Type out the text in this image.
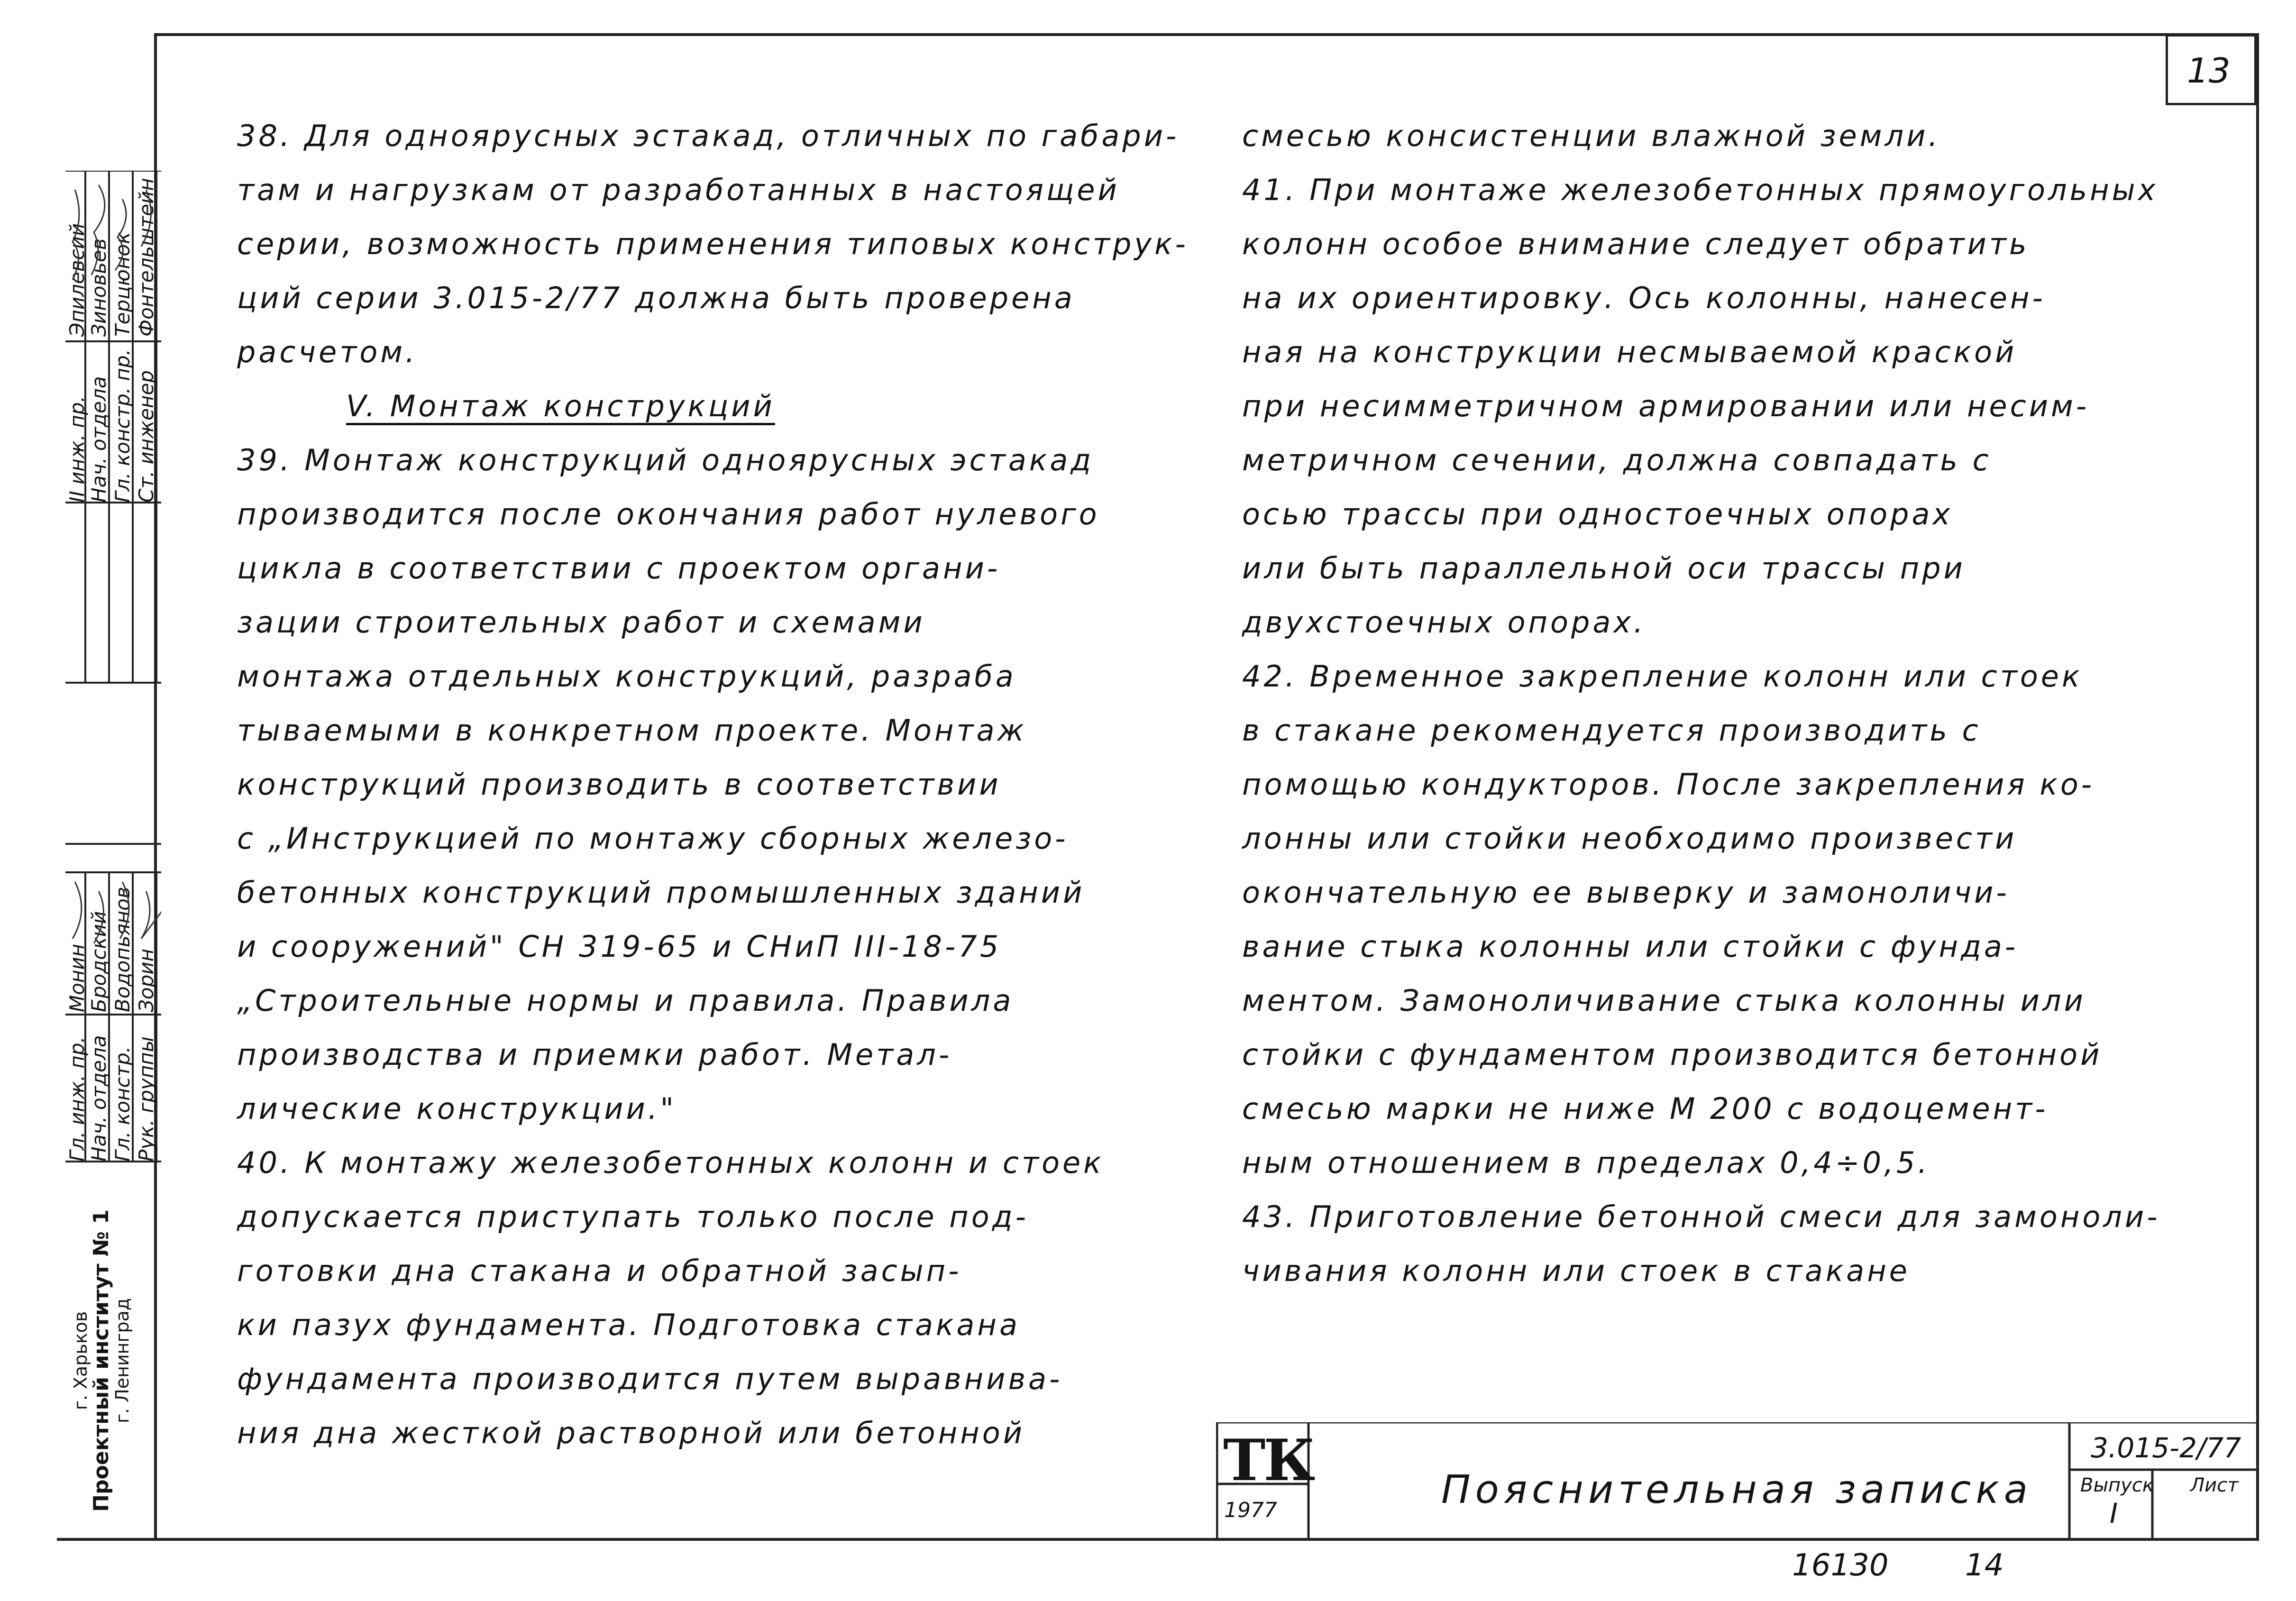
13

38. Для одноярусных эстакад, отличных по габари-

там и нагрузкам от разработанных в настоящей

серии, возможность применения типовых конструк-

ций серии 3.015-2/77 должна быть проверена

расчетом.

V. Монтаж конструкций

39. Монтаж конструкций одноярусных эстакад

производится после окончания работ нулевого

цикла в соответствии с проектом органи-

зации строительных работ и схемами

монтажа отдельных конструкций, разраба

тываемыми в конкретном проекте. Монтаж

конструкций производить в соответствии

с „Инструкцией по монтажу сборных железо-

бетонных конструкций промышленных зданий

и сооружений" СН 319-65 и СНиП III-18-75

„Строительные нормы и правила. Правила

производства и приемки работ. Метал-

лические конструкции."

40. К монтажу железобетонных колонн и стоек

допускается приступать только после под-

готовки дна стакана и обратной засып-

ки пазух фундамента. Подготовка стакана

фундамента производится путем выравнива-

ния дна жесткой растворной или бетонной

смесью консистенции влажной земли.

41. При монтаже железобетонных прямоугольных

колонн особое внимание следует обратить

на их ориентировку. Ось колонны, нанесен-

ная на конструкции несмываемой краской

при несимметричном армировании или несим-

метричном сечении, должна совпадать с

осью трассы при одностоечных опорах

или быть параллельной оси трассы при

двухстоечных опорах.

42. Временное закрепление колонн или стоек

в стакане рекомендуется производить с

помощью кондукторов. После закрепления ко-

лонны или стойки необходимо произвести

окончательную ее выверку и замоноличи-

вание стыка колонны или стойки с фунда-

ментом. Замоноличивание стыка колонны или

стойки с фундаментом производится бетонной

смесью марки не ниже М 200 с водоцемент-

ным отношением в пределах 0,4÷0,5.

43. Приготовление бетонной смеси для замоноли-

чивания колонн или стоек в стакане

II инж. пр.
Нач. отдела Гл. констр. пр. Ст. инженер
Эпилевсий
Зиновьев Терцюнок Фонтельштейн
Гл. инж. пр.
Нач. отдела Гл. констр. Рук. группы
Монин
Бродский Водопьянов Зорин
г. Харьков
Проектный институт № 1
г. Ленинград
ТК
1977	Пояснительная записка
3.015-2/77
Выпуск Лист
I
16130	14
